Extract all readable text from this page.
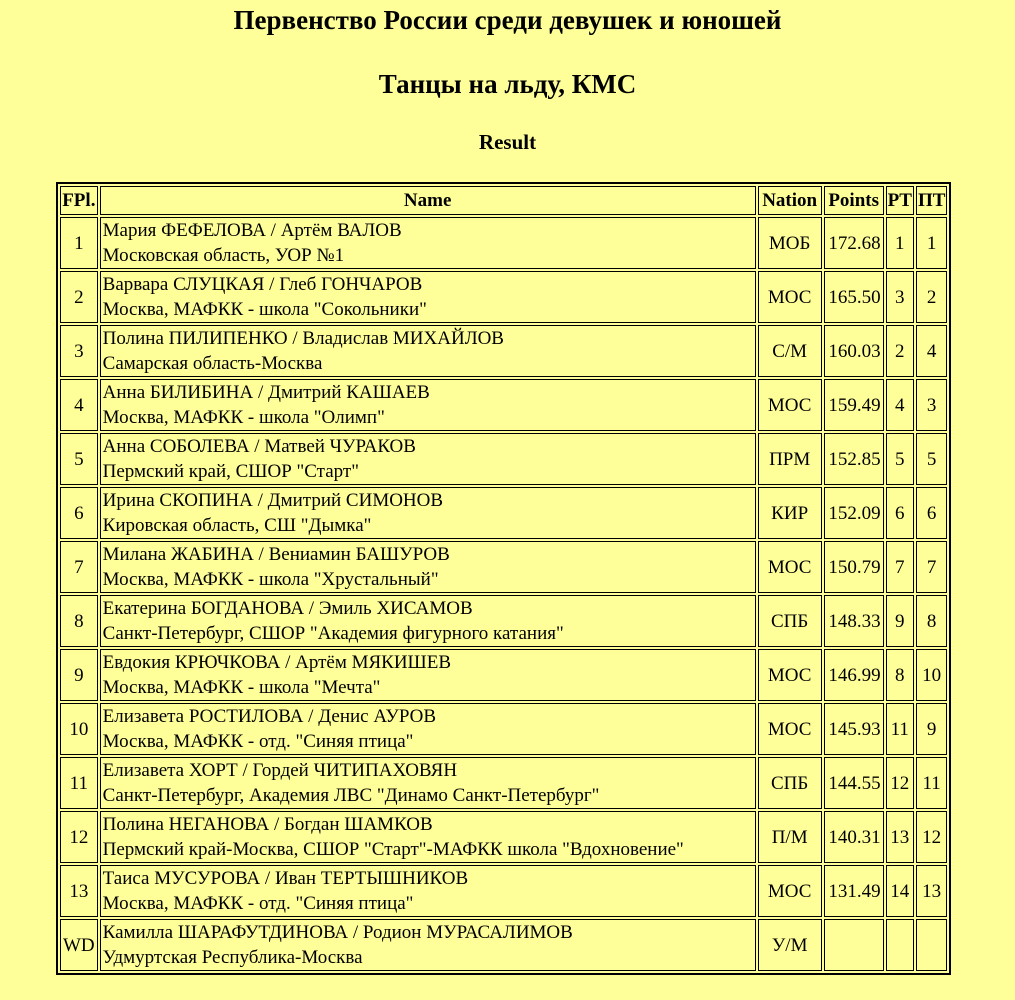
Первенство России среди девушек и юношей
Танцы на льду, КМС
Result
FPl.	Name	Nation	Points	PT	ПТ
1	Мария ФЕФЕЛОВА / Артём ВАЛОВ
Московская область, УОР №1	МОБ	172.68	1	1
2	Варвара СЛУЦКАЯ / Глеб ГОНЧАРОВ
Москва, МАФКК - школа "Сокольники"	МОС	165.50	3	2
3	Полина ПИЛИПЕНКО / Владислав МИХАЙЛОВ
Самарская область-Москва	С/М	160.03	2	4
4	Анна БИЛИБИНА / Дмитрий КАШАЕВ
Москва, МАФКК - школа "Олимп"	МОС	159.49	4	3
5	Анна СОБОЛЕВА / Матвей ЧУРАКОВ
Пермский край, СШОР "Старт"	ПРМ	152.85	5	5
6	Ирина СКОПИНА / Дмитрий СИМОНОВ
Кировская область, СШ "Дымка"	КИР	152.09	6	6
7	Милана ЖАБИНА / Вениамин БАШУРОВ
Москва, МАФКК - школа "Хрустальный"	МОС	150.79	7	7
8	Екатерина БОГДАНОВА / Эмиль ХИСАМОВ
Санкт-Петербург, СШОР "Академия фигурного катания"	СПБ	148.33	9	8
9	Евдокия КРЮЧКОВА / Артём МЯКИШЕВ
Москва, МАФКК - школа "Мечта"	МОС	146.99	8	10
10	Елизавета РОСТИЛОВА / Денис АУРОВ
Москва, МАФКК - отд. "Синяя птица"	МОС	145.93	11	9
11	Елизавета ХОРТ / Гордей ЧИТИПАХОВЯН
Санкт-Петербург, Академия ЛВС "Динамо Санкт-Петербург"	СПБ	144.55	12	11
12	Полина НЕГАНОВА / Богдан ШАМКОВ
Пермский край-Москва, СШОР "Старт"-МАФКК школа "Вдохновение"	П/М	140.31	13	12
13	Таиса МУСУРОВА / Иван ТЕРТЫШНИКОВ
Москва, МАФКК - отд. "Синяя птица"	МОС	131.49	14	13
WD	Камилла ШАРАФУТДИНОВА / Родион МУРАСАЛИМОВ
Удмуртская Республика-Москва	У/М			
